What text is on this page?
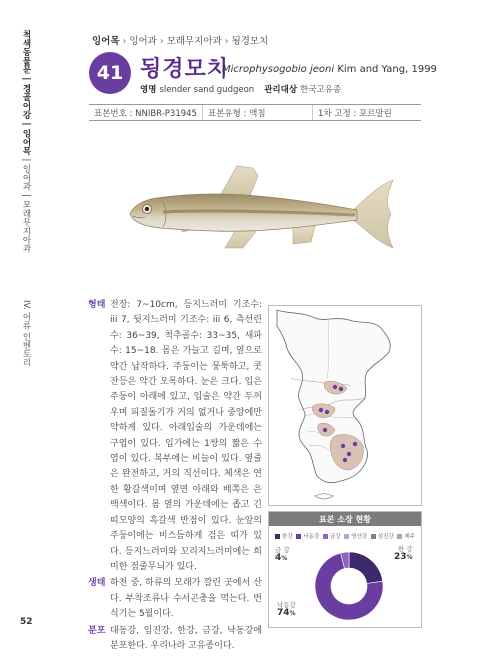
척색동물문 | 경골어강 | 잉어목 | 잉어과 | 모래무지아과
IV. 어류 인벤토리
잉어목 › 잉어과 › 모래무지아과 › 됭경모치
41 됭경모치
Microphysogobio jeoni Kim and Yang, 1999
영명 slender sand gudgeon 관리대상 한국고유종
표본번호 : NNIBR-P31945	표본유형 : 액침	1차 고정 : 포르말린
형태 전장: 7~10cm, 등지느러미 기조수: iii 7, 뒷지느러미 기조수: iii 6, 측선린수: 36~39, 척추골수: 33~35, 새파수: 15~18. 몸은 가늘고 길며, 옆으로 약간 납작하다. 주둥이는 뭉툭하고, 콧잔등은 약간 오목하다. 눈은 크다. 입은 주둥이 아래에 있고, 입술은 약간 두꺼우며 피질돌기가 거의 없거나 중앙에만 약하게 있다. 아래입술의 가운데에는 구엽이 있다. 입가에는 1쌍의 짧은 수염이 있다. 복부에는 비늘이 있다. 옆줄은 완전하고, 거의 직선이다. 체색은 연한 황갈색이며 옆면 아래와 배쪽은 은백색이다. 몸 옆의 가운데에는 좁고 긴 띠모양의 흑갈색 반점이 있다. 눈앞의 주둥이에는 비스듬하게 검은 띠가 있다. 등지느러미와 꼬리지느러미에는 희미한 점줄무늬가 있다.
생태 하천 중, 하류의 모래가 깔린 곳에서 산다. 부착조류나 수서곤충을 먹는다. 번식기는 5월이다.
분포 대동강, 임진강, 한강, 금강, 낙동강에 분포한다. 우리나라 고유종이다.
표본 소장 현황
한강 낙동강 금강 영산강 섬진강 제주
한 강
23%
금 강
4%
낙동강
74%
52
